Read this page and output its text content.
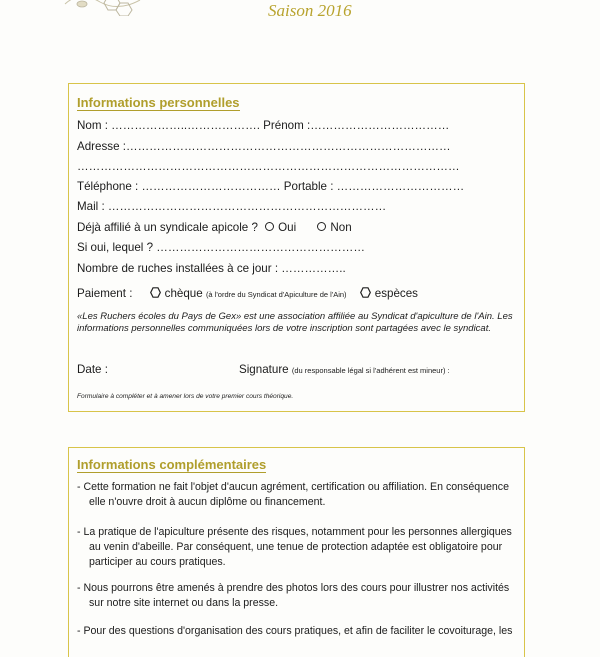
Saison 2016
Informations personnelles
Nom : ………………..………………. Prénom :………………………………
Adresse :…………………………………………………………………………
………………………………………………………………………………………
Téléphone : ……………………………… Portable : ……………………………
Mail : ………………………………………………………………
Déjà affilié à un syndicale apicole ? Oui	Non
Si oui, lequel ? ………………………………………………
Nombre de ruches installées à ce jour : ……………..
Paiement :	chèque (à l'ordre du Syndicat d'Apiculture de l'Ain) espèces
«Les Ruchers écoles du Pays de Gex» est une association affiliée au Syndicat d'apiculture de l'Ain. Les informations personnelles communiquées lors de votre inscription sont partagées avec le syndicat.
Date :	Signature (du responsable légal si l'adhérent est mineur) :
Formulaire à compléter et à amener lors de votre premier cours théorique.
Informations complémentaires
- Cette formation ne fait l'objet d'aucun agrément, certification ou affiliation. En conséquence
elle n'ouvre droit à aucun diplôme ou financement.
- La pratique de l'apiculture présente des risques, notamment pour les personnes allergiques
au venin d'abeille. Par conséquent, une tenue de protection adaptée est obligatoire pour participer au cours pratiques.
- Nous pourrons être amenés à prendre des photos lors des cours pour illustrer nos activités
sur notre site internet ou dans la presse.
- Pour des questions d'organisation des cours pratiques, et afin de faciliter le covoiturage, les
